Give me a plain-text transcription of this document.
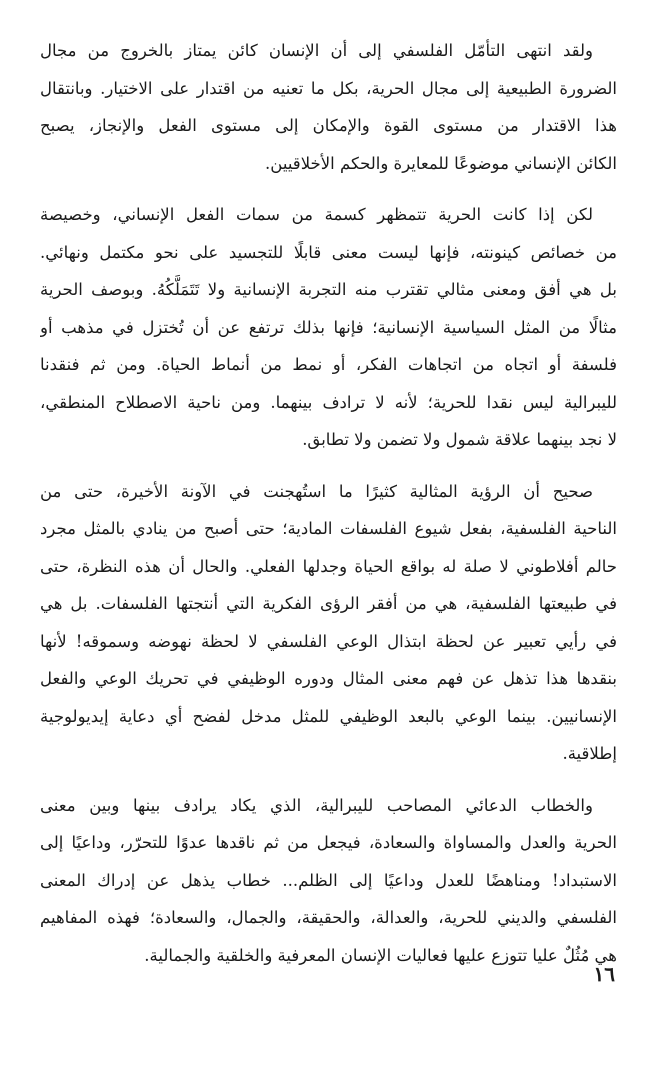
ولقد انتهى التأمّل الفلسفي إلى أن الإنسان كائن يمتاز بالخروج من مجال
الضرورة الطبيعية إلى مجال الحرية، بكل ما تعنيه من اقتدار على الاختيار. وبانتقال
هذا الاقتدار من مستوى القوة والإمكان إلى مستوى الفعل والإنجاز، يصبح
الكائن الإنساني موضوعًا للمعايرة والحكم الأخلاقيين.
لكن إذا كانت الحرية تتمظهر كسمة من سمات الفعل الإنساني، وخصيصة
من خصائص كينونته، فإنها ليست معنى قابلًا للتجسيد على نحو مكتمل ونهائي.
بل هي أفق ومعنى مثالي تقترب منه التجربة الإنسانية ولا تَتَمَلَّكُهُ. وبوصف الحرية
مثالًا من المثل السياسية الإنسانية؛ فإنها بذلك ترتفع عن أن تُختزل في مذهب أو
فلسفة أو اتجاه من اتجاهات الفكر، أو نمط من أنماط الحياة. ومن ثم فنقدنا
لليبرالية ليس نقدا للحرية؛ لأنه لا ترادف بينهما. ومن ناحية الاصطلاح المنطقي،
لا نجد بينهما علاقة شمول ولا تضمن ولا تطابق.
صحيح أن الرؤية المثالية كثيرًا ما استُهجنت في الآونة الأخيرة، حتى من
الناحية الفلسفية، بفعل شيوع الفلسفات المادية؛ حتى أصبح من ينادي بالمثل مجرد
حالم أفلاطوني لا صلة له بواقع الحياة وجدلها الفعلي. والحال أن هذه النظرة، حتى
في طبيعتها الفلسفية، هي من أفقر الرؤى الفكرية التي أنتجتها الفلسفات. بل هي
في رأيي تعبير عن لحظة ابتذال الوعي الفلسفي لا لحظة نهوضه وسموقه! لأنها
بنقدها هذا تذهل عن فهم معنى المثال ودوره الوظيفي في تحريك الوعي والفعل
الإنسانيين. بينما الوعي بالبعد الوظيفي للمثل مدخل لفضح أي دعاية إيديولوجية
إطلاقية.
والخطاب الدعائي المصاحب لليبرالية، الذي يكاد يرادف بينها وبين معنى
الحرية والعدل والمساواة والسعادة، فيجعل من ثم ناقدها عدوًا للتحرّر، وداعيًا إلى
الاستبداد! ومناهضًا للعدل وداعيًا إلى الظلم... خطاب يذهل عن إدراك المعنى
الفلسفي والديني للحرية، والعدالة، والحقيقة، والجمال، والسعادة؛ فهذه المفاهيم
هي مُثُلٌ عليا تتوزع عليها فعاليات الإنسان المعرفية والخلقية والجمالية.
١٦
